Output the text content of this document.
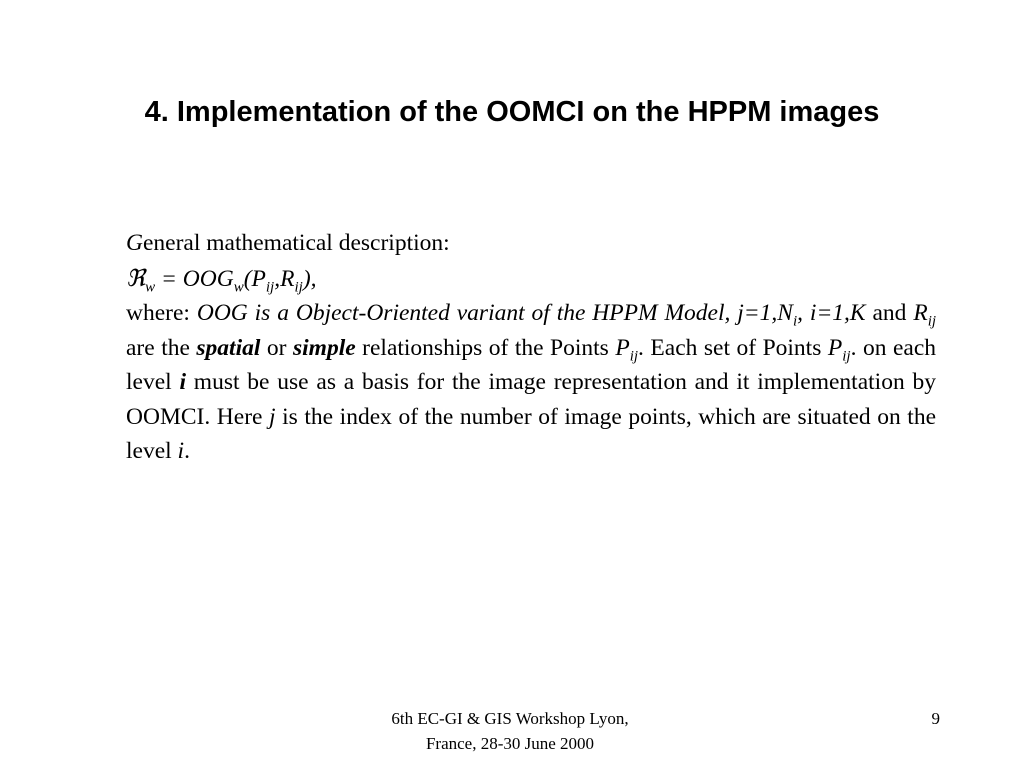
4. Implementation of the OOMCI on the HPPM images

General mathematical description:

ℜ$_w$ = $OOG_w(P_{ij},R_{ij})$,

where: OOG is a Object-Oriented variant of the HPPM Model, $j=1,N_i$, i=1,K and $R_{ij}$ are the spatial or simple relationships of the Points $P_{ij}$. Each set of Points $P_{ij}$. on each level i must be use as a basis for the image representation and it implementation by OOMCI. Here j is the index of the number of image points, which are situated on the level i.

6th EC-GI & GIS Workshop Lyon,
France, 28-30 June 2000
9
